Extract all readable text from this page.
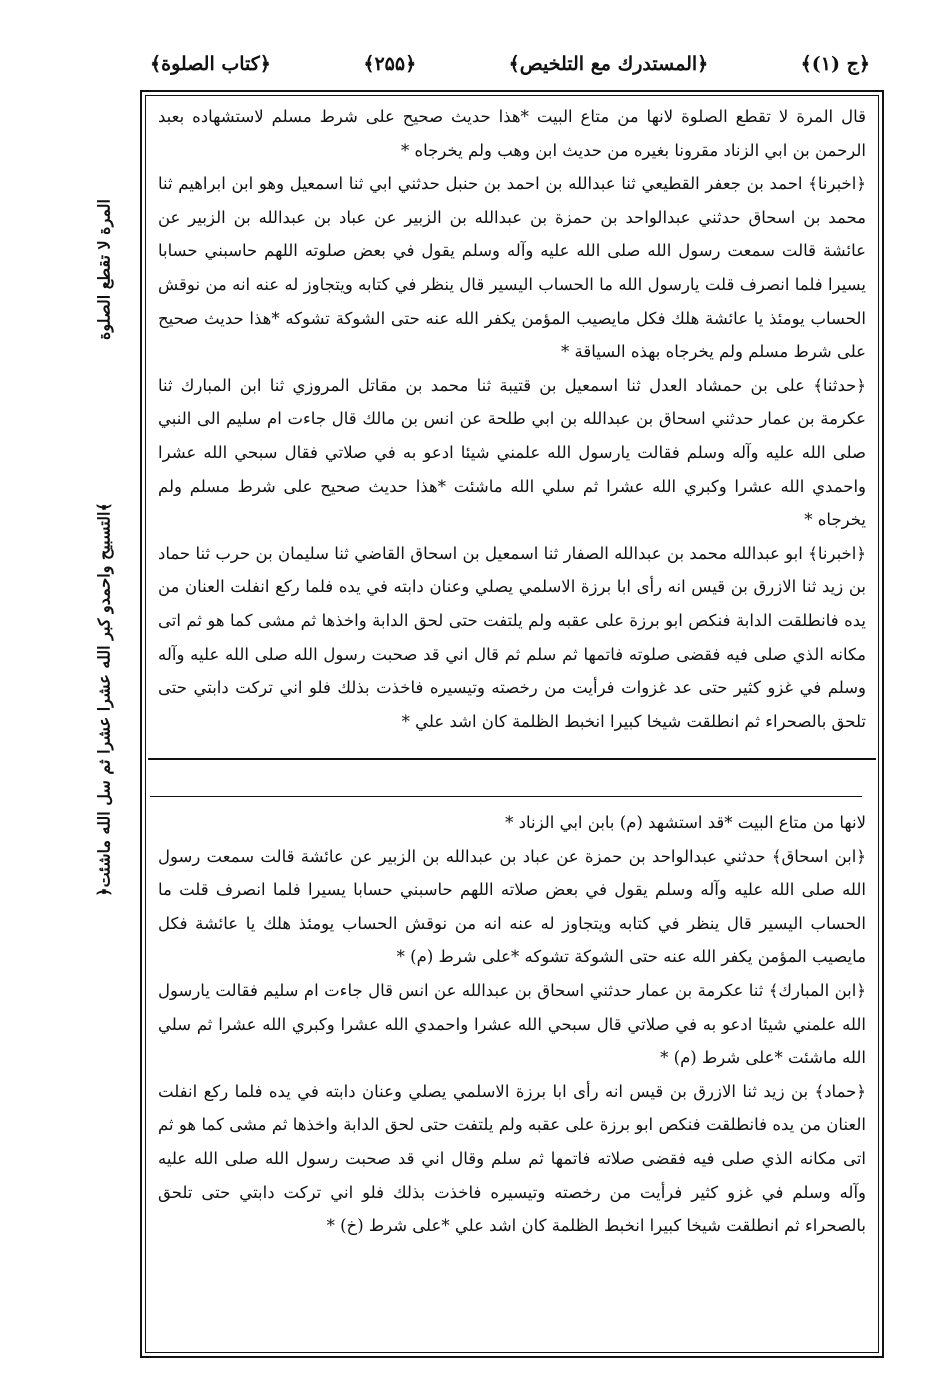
﴿ج (۱)﴾
﴿المستدرك مع التلخيص﴾
﴿۲۵۵﴾
﴿كتاب الصلوة﴾
المرة لا تقطع الصلوة
﴿التسبيح واحمدو كبر الله عشرا عشرا ثم سل الله ماشئت﴾

قال المرة لا تقطع الصلوة لانها من متاع البيت *هذا حديث صحيح على شرط مسلم لاستشهاده بعبد الرحمن بن ابي الزناد مقرونا بغيره من حديث ابن وهب ولم يخرجاه *

﴿اخبرنا﴾ احمد بن جعفر القطيعي ثنا عبدالله بن احمد بن حنبل حدثني ابي ثنا اسمعيل وهو ابن ابراهيم ثنا محمد بن اسحاق حدثني عبدالواحد بن حمزة بن عبدالله بن الزبير عن عباد بن عبدالله بن الزبير عن عائشة قالت سمعت رسول الله صلى الله عليه وآله وسلم يقول في بعض صلوته اللهم حاسبني حسابا يسيرا فلما انصرف قلت يارسول الله ما الحساب اليسير قال ينظر في كتابه ويتجاوز له عنه انه من نوقش الحساب يومئذ يا عائشة هلك فكل مايصيب المؤمن يكفر الله عنه حتى الشوكة تشوكه *هذا حديث صحيح على شرط مسلم ولم يخرجاه بهذه السياقة *

﴿حدثنا﴾ على بن حمشاد العدل ثنا اسمعيل بن قتيبة ثنا محمد بن مقاتل المروزي ثنا ابن المبارك ثنا عكرمة بن عمار حدثني اسحاق بن عبدالله بن ابي طلحة عن انس بن مالك قال جاءت ام سليم الى النبي صلى الله عليه وآله وسلم فقالت يارسول الله علمني شيئا ادعو به في صلاتي فقال سبحي الله عشرا واحمدي الله عشرا وكبري الله عشرا ثم سلي الله ماشئت *هذا حديث صحيح على شرط مسلم ولم يخرجاه *

﴿اخبرنا﴾ ابو عبدالله محمد بن عبدالله الصفار ثنا اسمعيل بن اسحاق القاضي ثنا سليمان بن حرب ثنا حماد بن زيد ثنا الازرق بن قيس انه رأى ابا برزة الاسلمي يصلي وعنان دابته في يده فلما ركع انفلت العنان من يده فانطلقت الدابة فنكص ابو برزة على عقبه ولم يلتفت حتى لحق الدابة واخذها ثم مشى كما هو ثم اتى مكانه الذي صلى فيه فقضى صلوته فاتمها ثم سلم ثم قال اني قد صحبت رسول الله صلى الله عليه وآله وسلم في غزو كثير حتى عد غزوات فرأيت من رخصته وتيسيره فاخذت بذلك فلو اني تركت دابتي حتى تلحق بالصحراء ثم انطلقت شيخا كبيرا انخبط الظلمة كان اشد علي *

لانها من متاع البيت *قد استشهد (م) بابن ابي الزناد *

﴿ابن اسحاق﴾ حدثني عبدالواحد بن حمزة عن عباد بن عبدالله بن الزبير عن عائشة قالت سمعت رسول الله صلى الله عليه وآله وسلم يقول في بعض صلاته اللهم حاسبني حسابا يسيرا فلما انصرف قلت ما الحساب اليسير قال ينظر في كتابه ويتجاوز له عنه انه من نوقش الحساب يومئذ هلك يا عائشة فكل مايصيب المؤمن يكفر الله عنه حتى الشوكة تشوكه *على شرط (م) *

﴿ابن المبارك﴾ ثنا عكرمة بن عمار حدثني اسحاق بن عبدالله عن انس قال جاءت ام سليم فقالت يارسول الله علمني شيئا ادعو به في صلاتي قال سبحي الله عشرا واحمدي الله عشرا وكبري الله عشرا ثم سلي الله ماشئت *على شرط (م) *

﴿حماد﴾ بن زيد ثنا الازرق بن قيس انه رأى ابا برزة الاسلمي يصلي وعنان دابته في يده فلما ركع انفلت العنان من يده فانطلقت فنكص ابو برزة على عقبه ولم يلتفت حتى لحق الدابة واخذها ثم مشى كما هو ثم اتى مكانه الذي صلى فيه فقضى صلاته فاتمها ثم سلم وقال اني قد صحبت رسول الله صلى الله عليه وآله وسلم في غزو كثير فرأيت من رخصته وتيسيره فاخذت بذلك فلو اني تركت دابتي حتى تلحق بالصحراء ثم انطلقت شيخا كبيرا انخبط الظلمة كان اشد علي *على شرط (خ) *
